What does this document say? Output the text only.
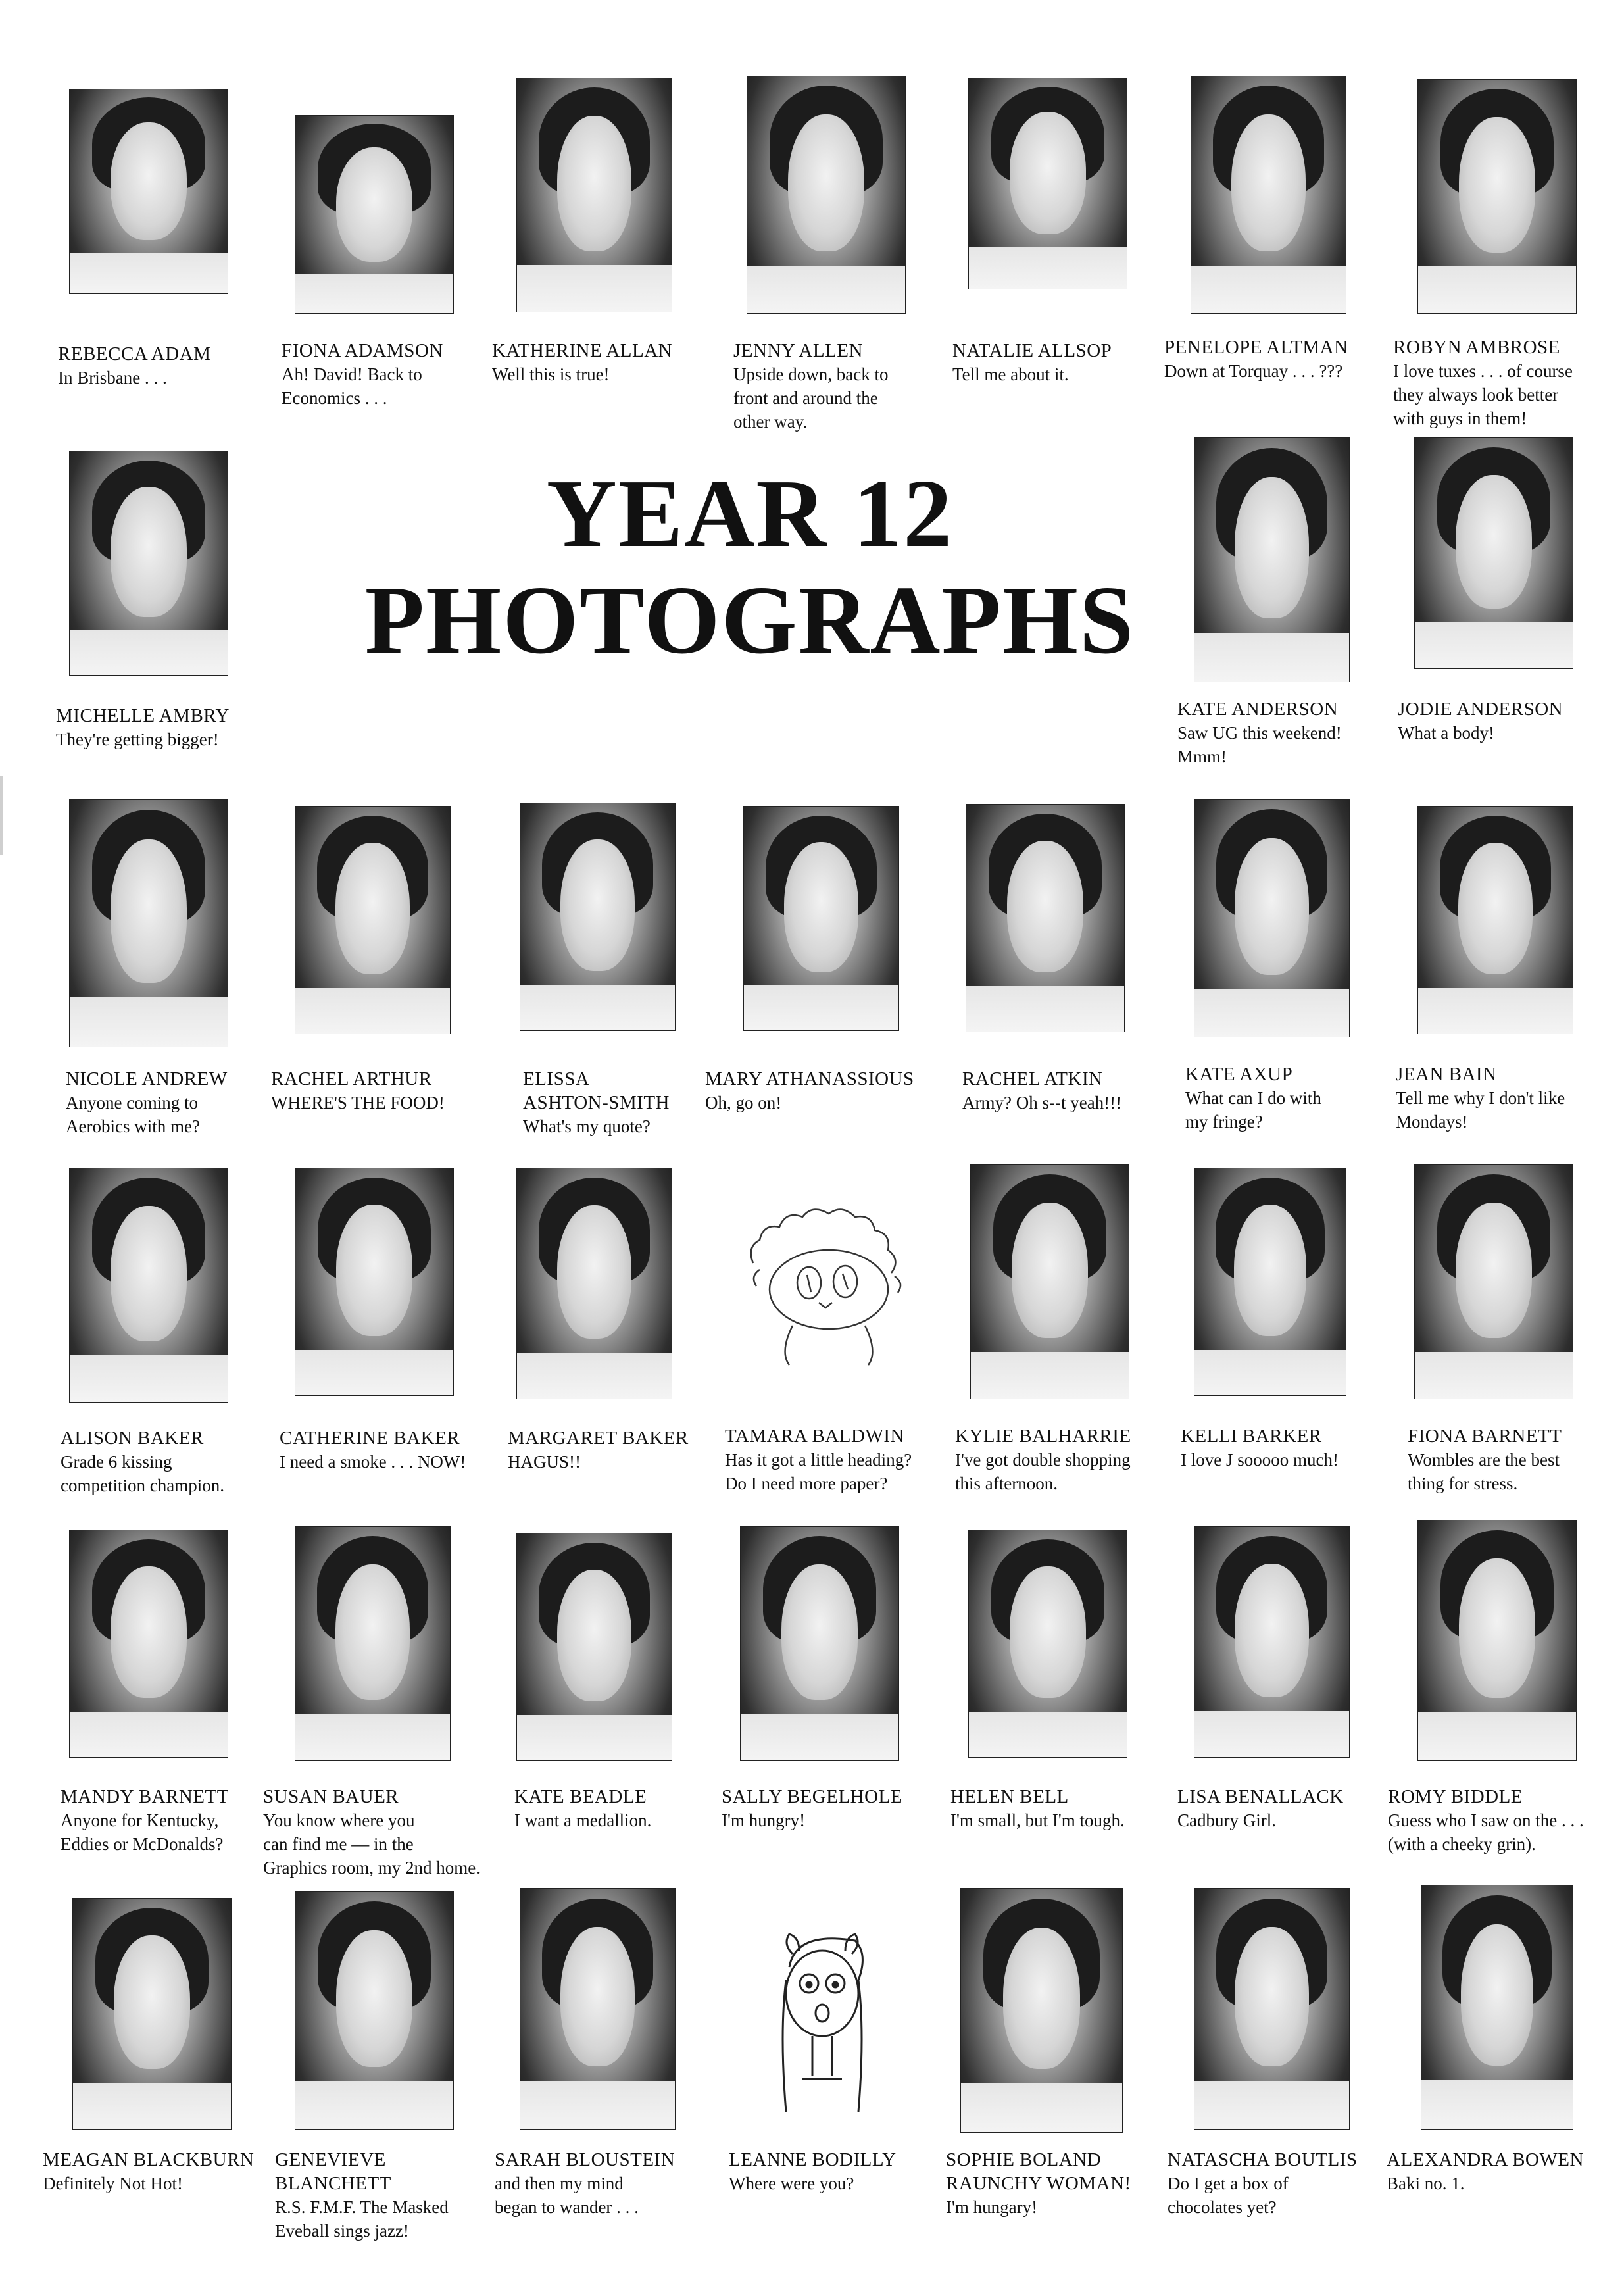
YEAR 12
PHOTOGRAPHS
REBECCA ADAM
In Brisbane . . .
FIONA ADAMSON
Ah! David! Back to
Economics . . .
KATHERINE ALLAN
Well this is true!
JENNY ALLEN
Upside down, back to
front and around the
other way.
NATALIE ALLSOP
Tell me about it.
PENELOPE ALTMAN
Down at Torquay . . . ???
ROBYN AMBROSE
I love tuxes . . . of course
they always look better
with guys in them!
MICHELLE AMBRY
They're getting bigger!
KATE ANDERSON
Saw UG this weekend!
Mmm!
JODIE ANDERSON
What a body!
NICOLE ANDREW
Anyone coming to
Aerobics with me?
RACHEL ARTHUR
WHERE'S THE FOOD!
ELISSA
ASHTON-SMITH
What's my quote?
MARY ATHANASSIOUS
Oh, go on!
RACHEL ATKIN
Army? Oh s--t yeah!!!
KATE AXUP
What can I do with
my fringe?
JEAN BAIN
Tell me why I don't like
Mondays!
ALISON BAKER
Grade 6 kissing
competition champion.
CATHERINE BAKER
I need a smoke . . . NOW!
MARGARET BAKER
HAGUS!!
TAMARA BALDWIN
Has it got a little heading?
Do I need more paper?
KYLIE BALHARRIE
I've got double shopping
this afternoon.
KELLI BARKER
I love J sooooo much!
FIONA BARNETT
Wombles are the best
thing for stress.
MANDY BARNETT
Anyone for Kentucky,
Eddies or McDonalds?
SUSAN BAUER
You know where you
can find me — in the
Graphics room, my 2nd home.
KATE BEADLE
I want a medallion.
SALLY BEGELHOLE
I'm hungry!
HELEN BELL
I'm small, but I'm tough.
LISA BENALLACK
Cadbury Girl.
ROMY BIDDLE
Guess who I saw on the . . .
(with a cheeky grin).
MEAGAN BLACKBURN
Definitely Not Hot!
GENEVIEVE
BLANCHETT
R.S. F.M.F. The Masked
Eveball sings jazz!
SARAH BLOUSTEIN
and then my mind
began to wander . . .
LEANNE BODILLY
Where were you?
SOPHIE BOLAND
RAUNCHY WOMAN!
I'm hungary!
NATASCHA BOUTLIS
Do I get a box of
chocolates yet?
ALEXANDRA BOWEN
Baki no. 1.
